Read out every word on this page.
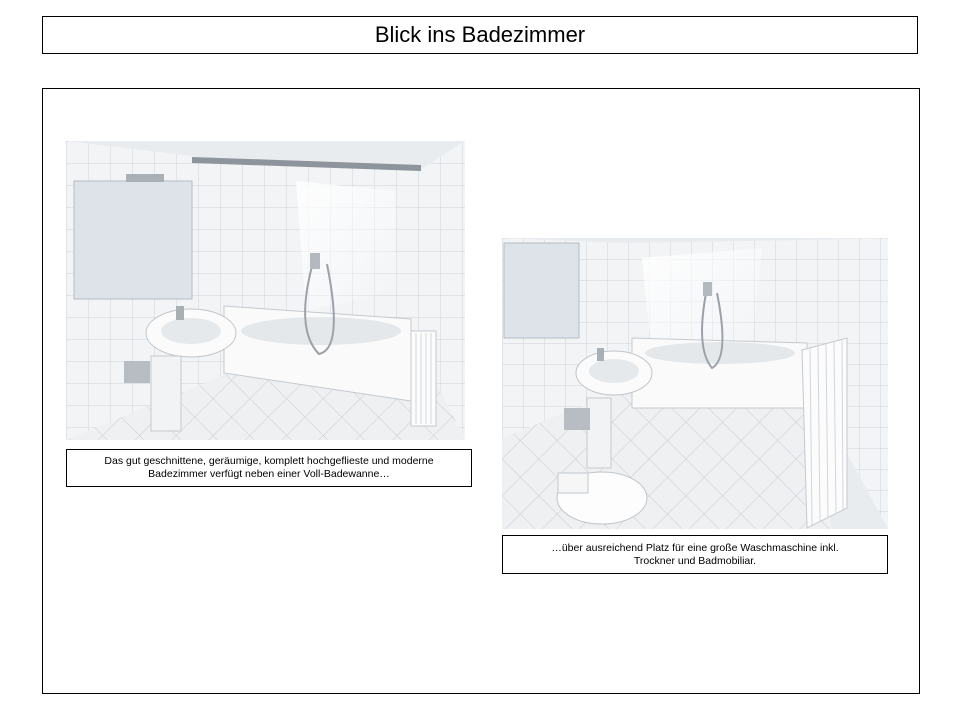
Blick ins Badezimmer
Das gut geschnittene, geräumige, komplett hochgeflieste und moderne
Badezimmer verfügt neben einer Voll-Badewanne…
…über ausreichend Platz für eine große Waschmaschine inkl.
Trockner und Badmobiliar.
